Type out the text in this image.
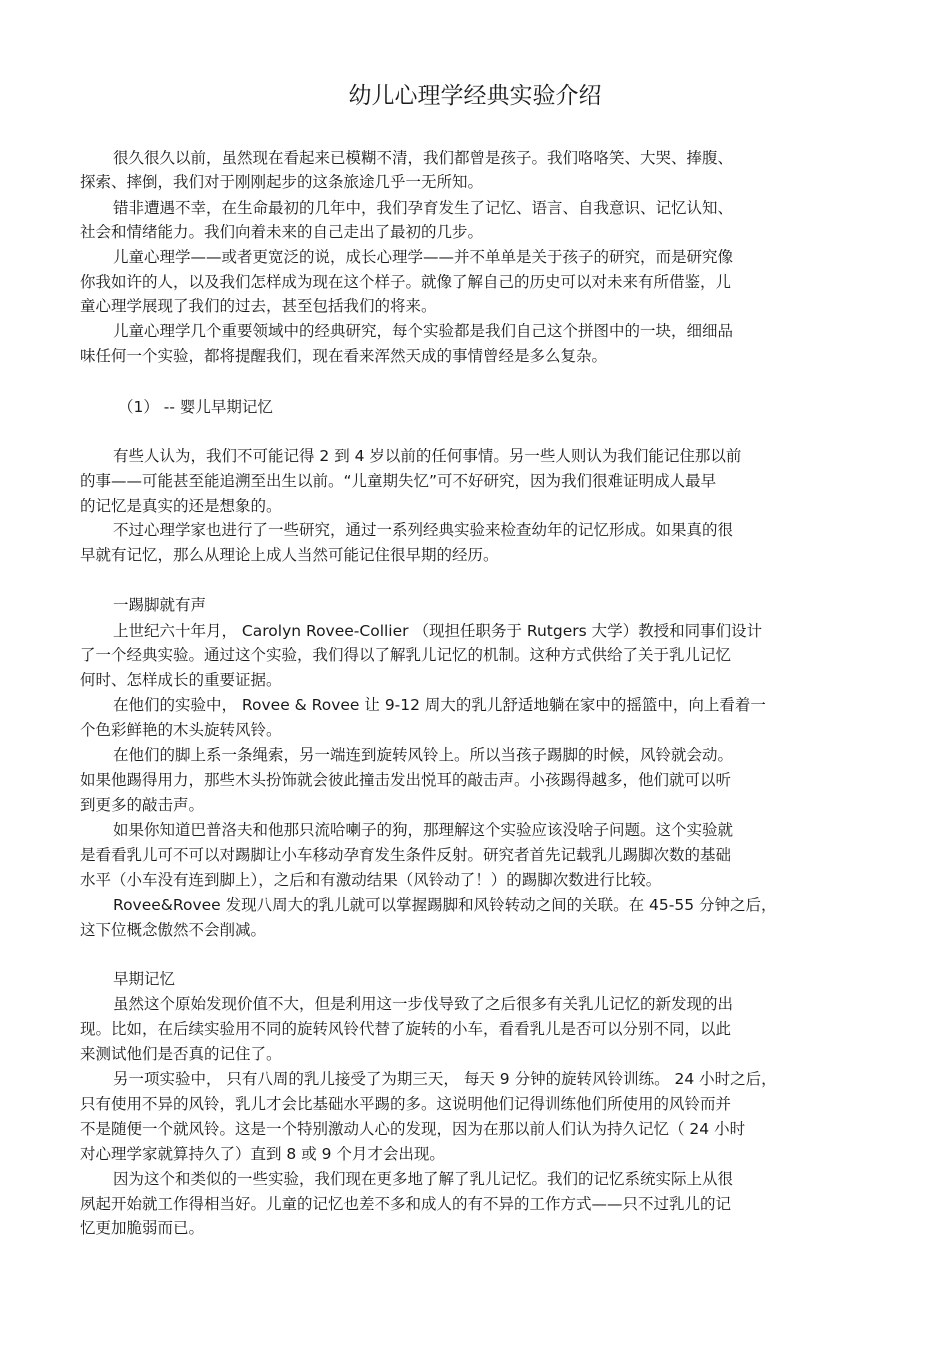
幼儿心理学经典实验介绍

很久很久以前，虽然现在看起来已模糊不清，我们都曾是孩子。我们咯咯笑、大哭、捧腹、

探索、摔倒，我们对于刚刚起步的这条旅途几乎一无所知。

错非遭遇不幸，在生命最初的几年中，我们孕育发生了记忆、语言、自我意识、记忆认知、

社会和情绪能力。我们向着未来的自己走出了最初的几步。

儿童心理学——或者更宽泛的说，成长心理学——并不单单是关于孩子的研究，而是研究像

你我如许的人，以及我们怎样成为现在这个样子。就像了解自己的历史可以对未来有所借鉴，儿

童心理学展现了我们的过去，甚至包括我们的将来。

儿童心理学几个重要领域中的经典研究，每个实验都是我们自己这个拼图中的一块，细细品

味任何一个实验，都将提醒我们，现在看来浑然天成的事情曾经是多么复杂。

（1） -- 婴儿早期记忆

有些人认为，我们不可能记得 2 到 4 岁以前的任何事情。另一些人则认为我们能记住那以前

的事——可能甚至能追溯至出生以前。“儿童期失忆”可不好研究，因为我们很难证明成人最早

的记忆是真实的还是想象的。

不过心理学家也进行了一些研究，通过一系列经典实验来检查幼年的记忆形成。如果真的很

早就有记忆，那么从理论上成人当然可能记住很早期的经历。

一踢脚就有声

上世纪六十年月， Carolyn Rovee-Collier （现担任职务于 Rutgers 大学）教授和同事们设计

了一个经典实验。通过这个实验，我们得以了解乳儿记忆的机制。这种方式供给了关于乳儿记忆

何时、怎样成长的重要证据。

在他们的实验中， Rovee & Rovee 让 9-12 周大的乳儿舒适地躺在家中的摇篮中，向上看着一

个色彩鲜艳的木头旋转风铃。

在他们的脚上系一条绳索，另一端连到旋转风铃上。所以当孩子踢脚的时候，风铃就会动。

如果他踢得用力，那些木头扮饰就会彼此撞击发出悦耳的敲击声。小孩踢得越多，他们就可以听

到更多的敲击声。

如果你知道巴普洛夫和他那只流哈喇子的狗，那理解这个实验应该没啥子问题。这个实验就

是看看乳儿可不可以对踢脚让小车移动孕育发生条件反射。研究者首先记载乳儿踢脚次数的基础

水平（小车没有连到脚上），之后和有激动结果（风铃动了！）的踢脚次数进行比较。

Rovee&Rovee 发现八周大的乳儿就可以掌握踢脚和风铃转动之间的关联。在 45-55 分钟之后，

这下位概念傲然不会削减。

早期记忆

虽然这个原始发现价值不大，但是利用这一步伐导致了之后很多有关乳儿记忆的新发现的出

现。比如，在后续实验用不同的旋转风铃代替了旋转的小车，看看乳儿是否可以分别不同，以此

来测试他们是否真的记住了。

另一项实验中， 只有八周的乳儿接受了为期三天， 每天 9 分钟的旋转风铃训练。 24 小时之后，

只有使用不异的风铃，乳儿才会比基础水平踢的多。这说明他们记得训练他们所使用的风铃而并

不是随便一个就风铃。这是一个特别激动人心的发现，因为在那以前人们认为持久记忆（ 24 小时

对心理学家就算持久了）直到 8 或 9 个月才会出现。

因为这个和类似的一些实验，我们现在更多地了解了乳儿记忆。我们的记忆系统实际上从很

夙起开始就工作得相当好。儿童的记忆也差不多和成人的有不异的工作方式——只不过乳儿的记

忆更加脆弱而已。
